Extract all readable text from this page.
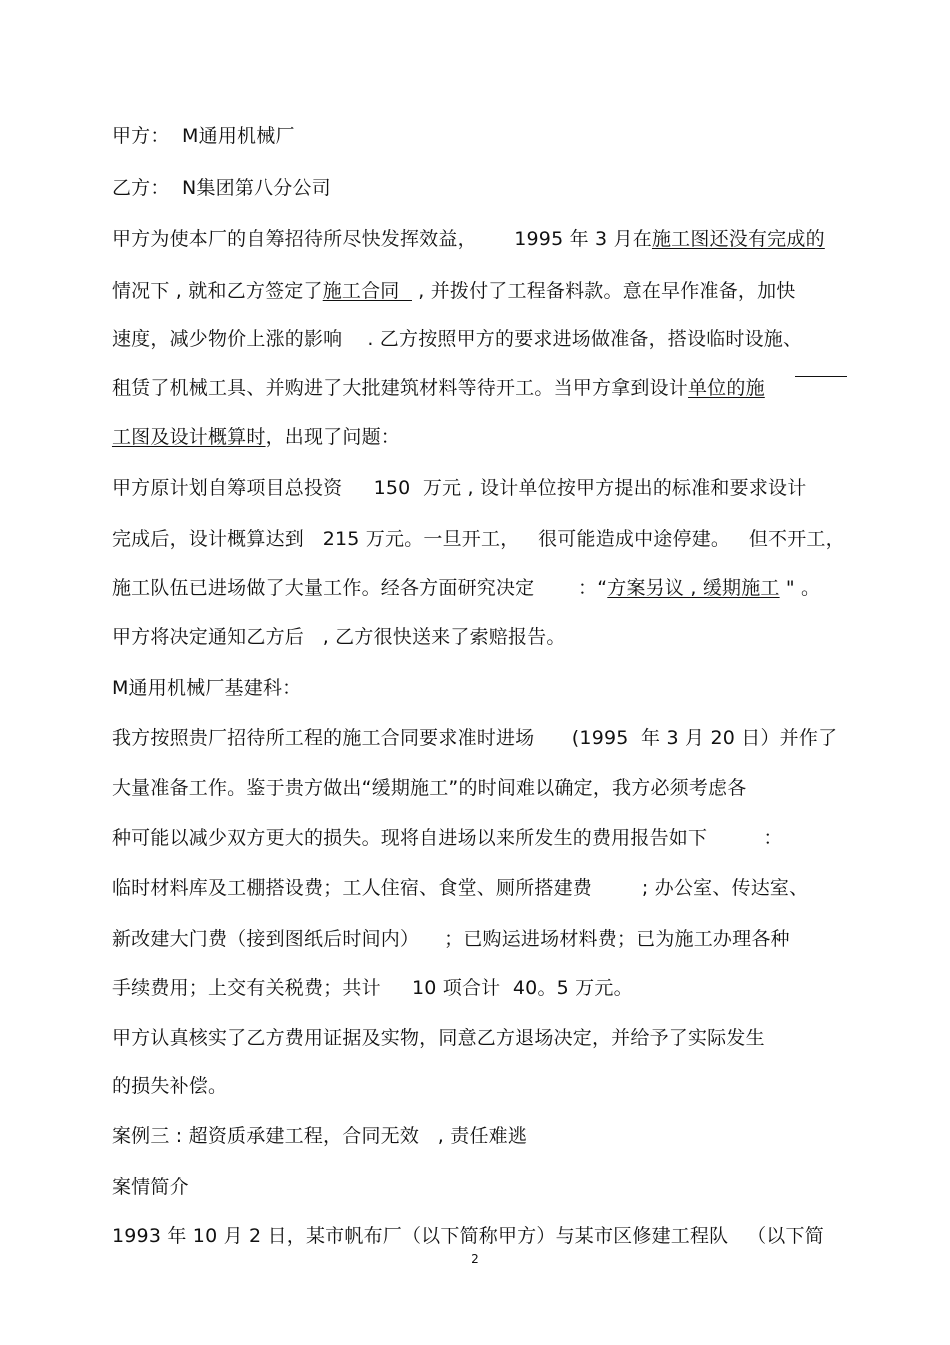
甲方：  M通用机械厂

乙方：  N集团第八分公司

甲方为使本厂的自筹招待所尽快发挥效益，      1995 年 3 月在施工图还没有完成的

情况下 , 就和乙方签定了施工合同   , 并拨付了工程备料款。意在早作准备，加快

速度，减少物价上涨的影响    . 乙方按照甲方的要求进场做准备，搭设临时设施、

租赁了机械工具、并购进了大批建筑材料等待开工。当甲方拿到设计单位的施

工图及设计概算时，出现了问题：

甲方原计划自筹项目总投资     150  万元 , 设计单位按甲方提出的标准和要求设计

完成后，设计概算达到   215 万元。一旦开工，   很可能造成中途停建。   但不开工，

施工队伍已进场做了大量工作。经各方面研究决定       ：“方案另议 , 缓期施工 " 。

甲方将决定通知乙方后   , 乙方很快送来了索赔报告。

M通用机械厂基建科：

我方按照贵厂招待所工程的施工合同要求准时进场      (1995  年 3 月 20 日）并作了

大量准备工作。鉴于贵方做出“缓期施工”的时间难以确定，我方必须考虑各

种可能以减少双方更大的损失。现将自进场以来所发生的费用报告如下         ：

临时材料库及工棚搭设费；工人住宿、食堂、厕所搭建费        ; 办公室、传达室、

新改建大门费（接到图纸后时间内）    ；已购运进场材料费；已为施工办理各种

手续费用；上交有关税费；共计     10 项合计  40。5 万元。

甲方认真核实了乙方费用证据及实物，同意乙方退场决定，并给予了实际发生

的损失补偿。

案例三 : 超资质承建工程，合同无效   , 责任难逃

案情简介

1993 年 10 月 2 日，某市帆布厂（以下简称甲方）与某市区修建工程队   （以下简

2
